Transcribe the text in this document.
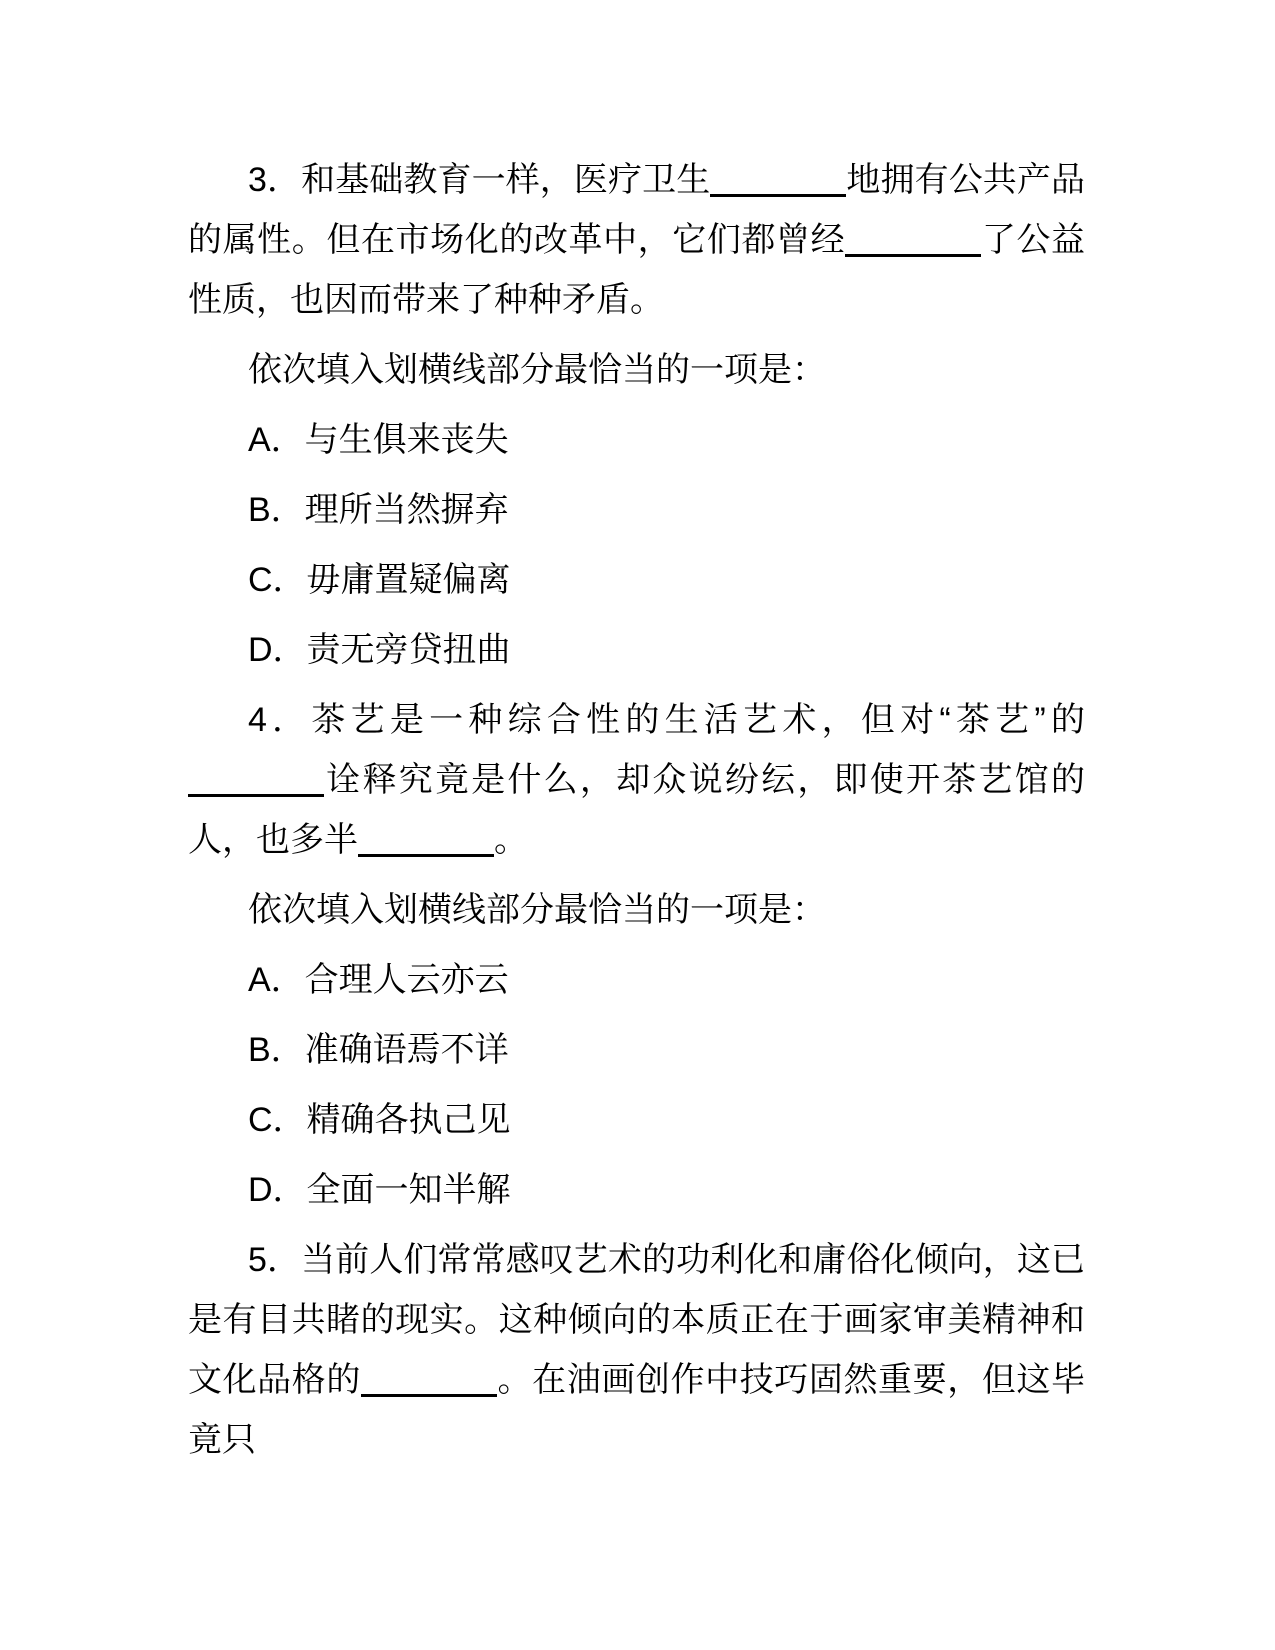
3．和基础教育一样，医疗卫生	地拥有公共产品的属性。但在市场化的改革中，它们都曾经	了公益性质，也因而带来了种种矛盾。

依次填入划横线部分最恰当的一项是：

A．与生俱来丧失

B．理所当然摒弃

C．毋庸置疑偏离

D．责无旁贷扭曲

4．茶艺是一种综合性的生活艺术，但对“茶艺”的诠释究竟是什么，却众说纷纭，即使开茶艺馆的人，也多半	。

依次填入划横线部分最恰当的一项是：

A．合理人云亦云

B．准确语焉不详

C．精确各执己见

D．全面一知半解

5．当前人们常常感叹艺术的功利化和庸俗化倾向，这已是有目共睹的现实。这种倾向的本质正在于画家审美精神和文化品格的	。在油画创作中技巧固然重要，但这毕竟只
